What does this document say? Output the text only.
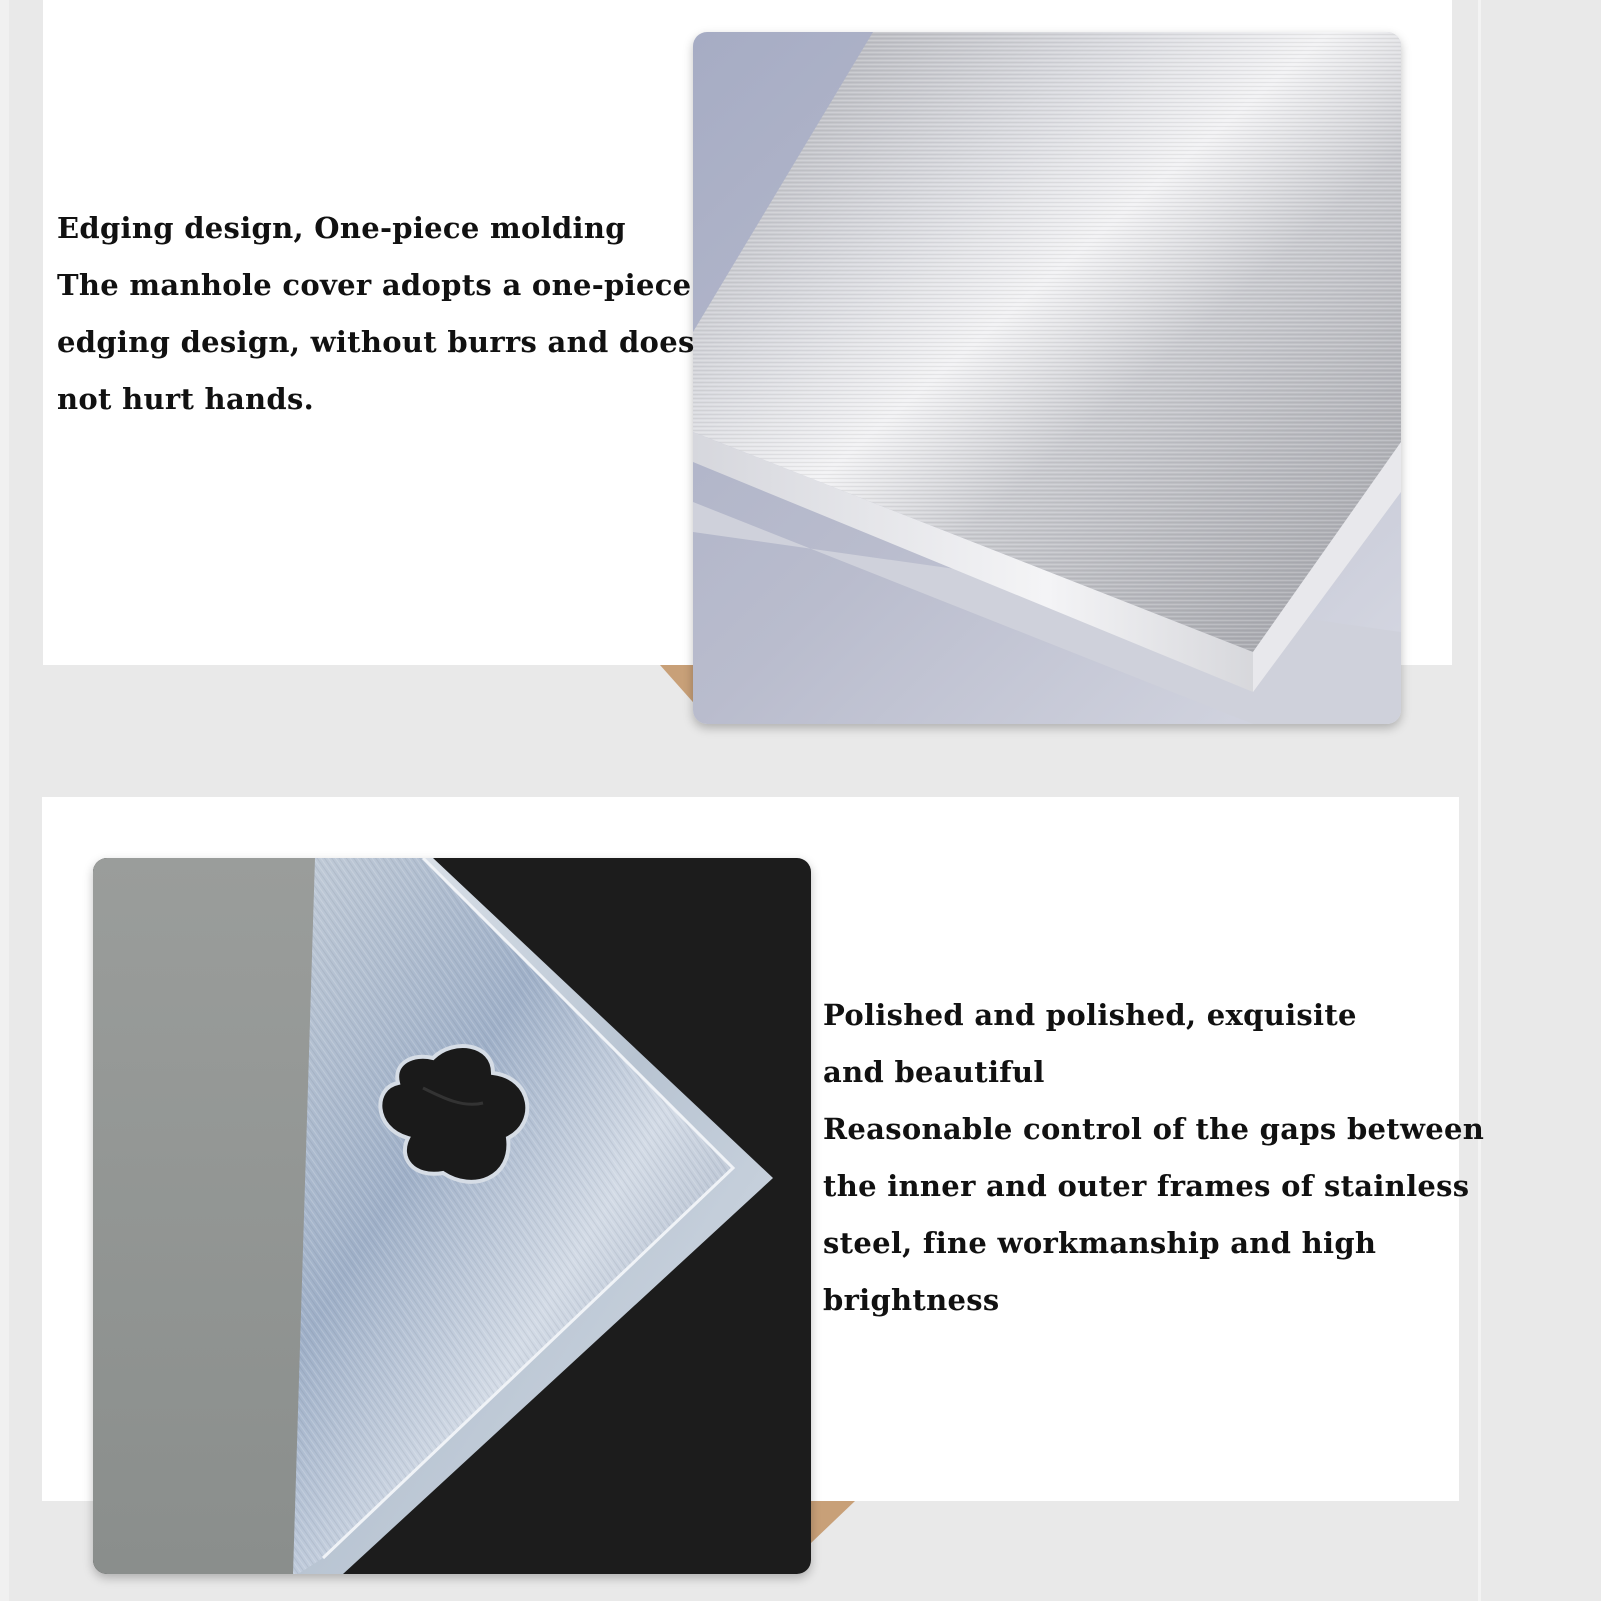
Edging design, One-piece molding
The manhole cover adopts a one-piece
edging design, without burrs and does
not hurt hands.
Polished and polished, exquisite
and beautiful
Reasonable control of the gaps between
the inner and outer frames of stainless
steel, fine workmanship and high
brightness
